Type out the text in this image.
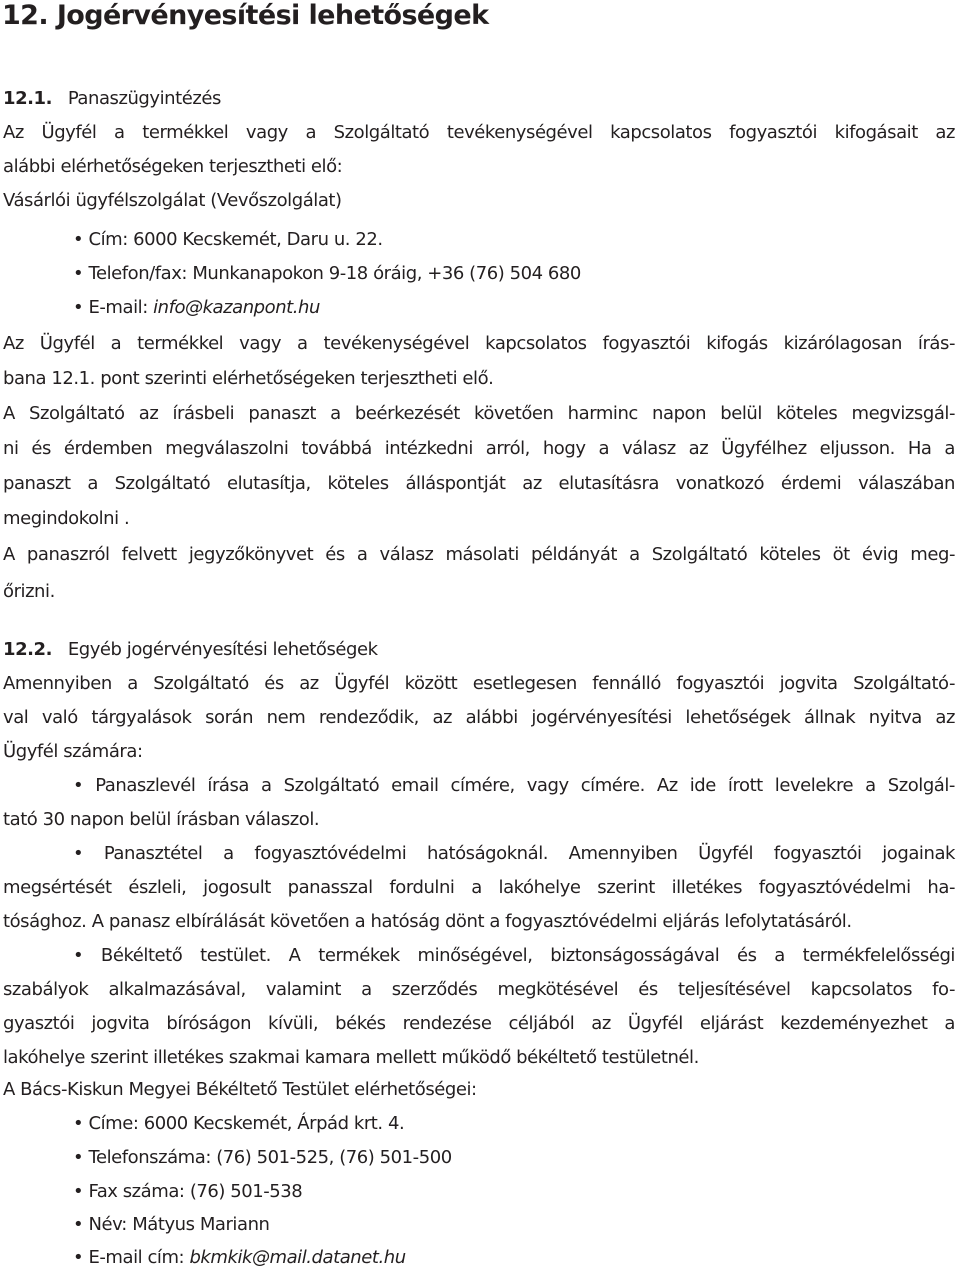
12. Jogérvényesítési lehetőségek

12.1. Panaszügyintézés

Az Ügyfél a termékkel vagy a Szolgáltató tevékenységével kapcsolatos fogyasztói kifogásait az

alábbi elérhetőségeken terjesztheti elő:

Vásárlói ügyfélszolgálat (Vevőszolgálat)

• Cím: 6000 Kecskemét, Daru u. 22.

• Telefon/fax: Munkanapokon 9-18 óráig, +36 (76) 504 680

• E-mail: info@kazanpont.hu

Az Ügyfél a termékkel vagy a tevékenységével kapcsolatos fogyasztói kifogás kizárólagosan írás-

bana 12.1. pont szerinti elérhetőségeken terjesztheti elő.

A Szolgáltató az írásbeli panaszt a beérkezését követően harminc napon belül köteles megvizsgál-

ni és érdemben megválaszolni továbbá intézkedni arról, hogy a válasz az Ügyfélhez eljusson. Ha a

panaszt a Szolgáltató elutasítja, köteles álláspontját az elutasításra vonatkozó érdemi válaszában

megindokolni .

A panaszról felvett jegyzőkönyvet és a válasz másolati példányát a Szolgáltató köteles öt évig meg-

őrizni.

12.2. Egyéb jogérvényesítési lehetőségek

Amennyiben a Szolgáltató és az Ügyfél között esetlegesen fennálló fogyasztói jogvita Szolgáltató-

val való tárgyalások során nem rendeződik, az alábbi jogérvényesítési lehetőségek állnak nyitva az

Ügyfél számára:

• Panaszlevél írása a Szolgáltató email címére, vagy címére. Az ide írott levelekre a Szolgál-

tató 30 napon belül írásban válaszol.

• Panasztétel a fogyasztóvédelmi hatóságoknál. Amennyiben Ügyfél fogyasztói jogainak

megsértését észleli, jogosult panasszal fordulni a lakóhelye szerint illetékes fogyasztóvédelmi ha-

tósághoz. A panasz elbírálását követően a hatóság dönt a fogyasztóvédelmi eljárás lefolytatásáról.

• Békéltető testület. A termékek minőségével, biztonságosságával és a termékfelelősségi

szabályok alkalmazásával, valamint a szerződés megkötésével és teljesítésével kapcsolatos fo-

gyasztói jogvita bíróságon kívüli, békés rendezése céljából az Ügyfél eljárást kezdeményezhet a

lakóhelye szerint illetékes szakmai kamara mellett működő békéltető testületnél.

A Bács-Kiskun Megyei Békéltető Testület elérhetőségei:

• Címe: 6000 Kecskemét, Árpád krt. 4.

• Telefonszáma: (76) 501-525, (76) 501-500

• Fax száma: (76) 501-538

• Név: Mátyus Mariann

• E-mail cím: bkmkik@mail.datanet.hu
